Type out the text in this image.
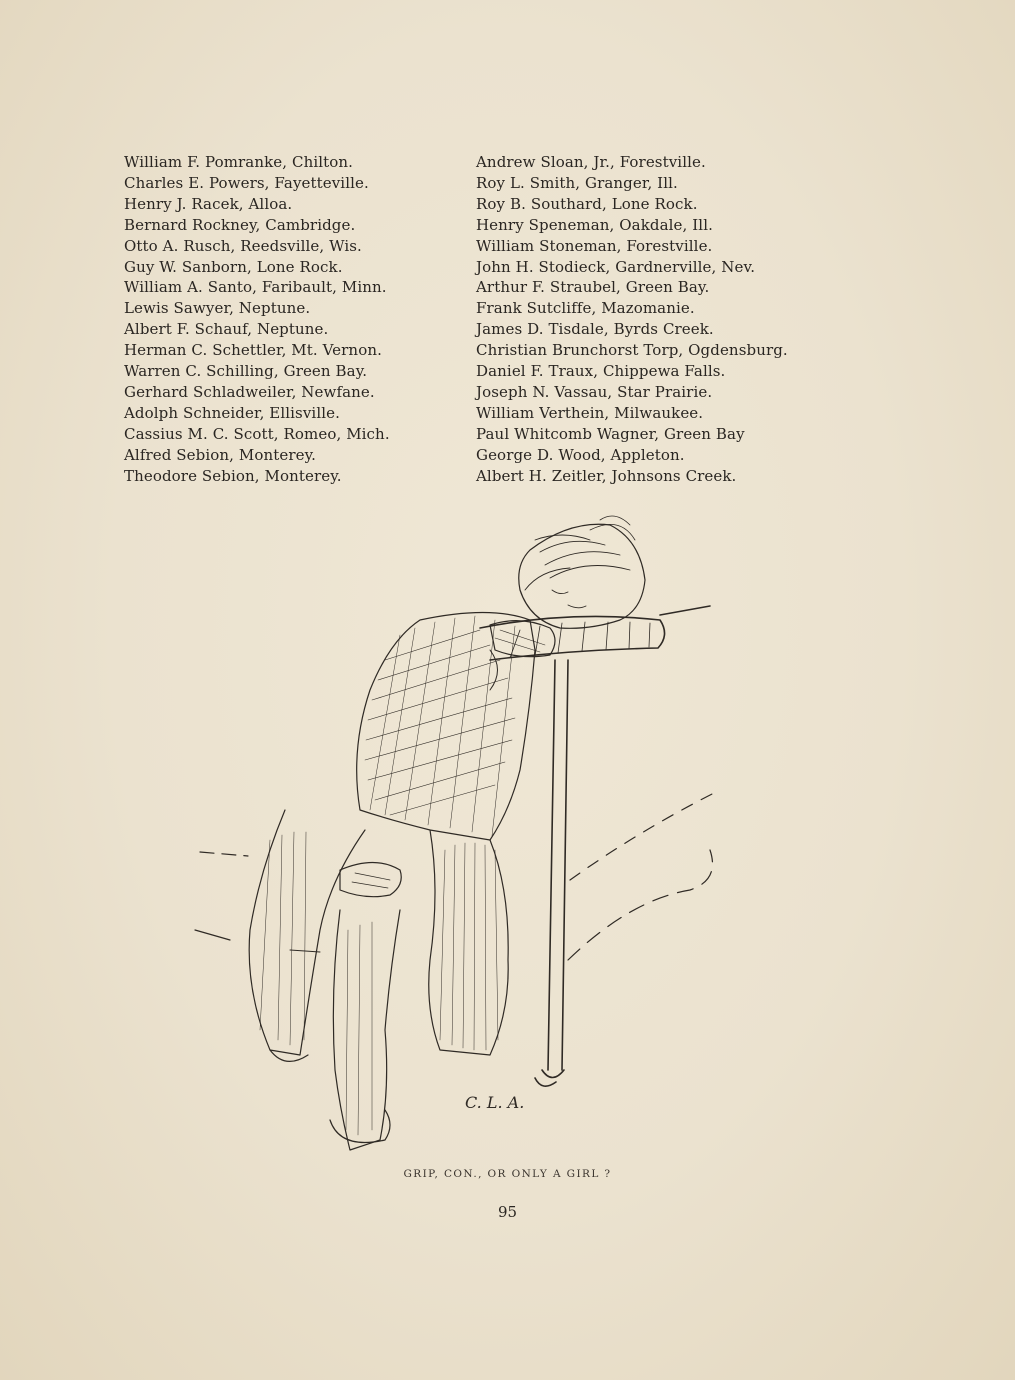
William F. Pomranke, Chilton.
Charles E. Powers, Fayetteville.
Henry J. Racek, Alloa.
Bernard Rockney, Cambridge.
Otto A. Rusch, Reedsville, Wis.
Guy W. Sanborn, Lone Rock.
William A. Santo, Faribault, Minn.
Lewis Sawyer, Neptune.
Albert F. Schauf, Neptune.
Herman C. Schettler, Mt. Vernon.
Warren C. Schilling, Green Bay.
Gerhard Schladweiler, Newfane.
Adolph Schneider, Ellisville.
Cassius M. C. Scott, Romeo, Mich.
Alfred Sebion, Monterey.
Theodore Sebion, Monterey.
Andrew Sloan, Jr., Forestville.
Roy L. Smith, Granger, Ill.
Roy B. Southard, Lone Rock.
Henry Speneman, Oakdale, Ill.
William Stoneman, Forestville.
John H. Stodieck, Gardnerville, Nev.
Arthur F. Straubel, Green Bay.
Frank Sutcliffe, Mazomanie.
James D. Tisdale, Byrds Creek.
Christian Brunchorst Torp, Ogdensburg.
Daniel F. Traux, Chippewa Falls.
Joseph N. Vassau, Star Prairie.
William Verthein, Milwaukee.
Paul Whitcomb Wagner, Green Bay
George D. Wood, Appleton.
Albert H. Zeitler, Johnsons Creek.
C. L. A.
GRIP, CON., OR ONLY A GIRL ?
95
